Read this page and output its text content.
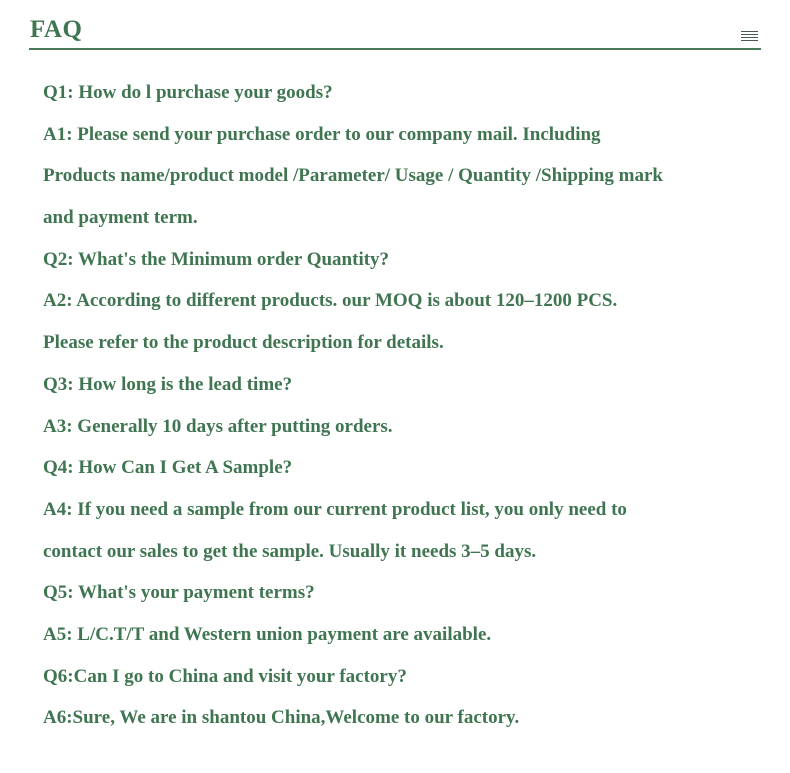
FAQ
Q1: How do l purchase your goods?
A1: Please send your purchase order to our company mail. Including
Products name/product model /Parameter/ Usage / Quantity /Shipping mark
and payment term.
Q2: What's the Minimum order Quantity?
A2: According to different products. our MOQ is about 120–1200 PCS.
Please refer to the product description for details.
Q3: How long is the lead time?
A3: Generally 10 days after putting orders.
Q4: How Can I Get A Sample?
A4: If you need a sample from our current product list, you only need to
contact our sales to get the sample. Usually it needs 3–5 days.
Q5: What's your payment terms?
A5: L/C.T/T and Western union payment are available.
Q6:Can I go to China and visit your factory?
A6:Sure, We are in shantou China,Welcome to our factory.
